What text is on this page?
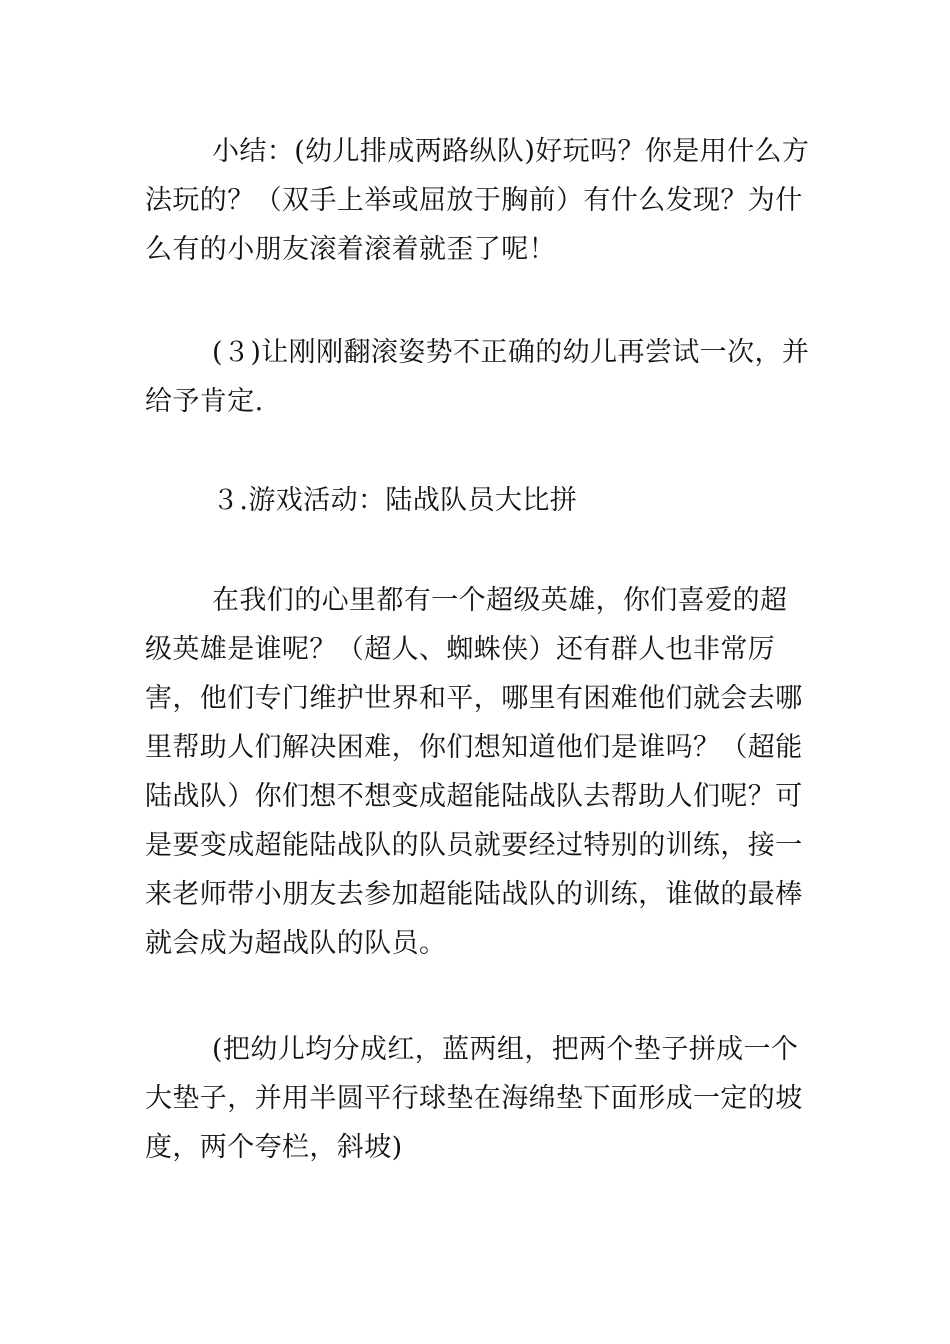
小结：(幼儿排成两路纵队)好玩吗？你是用什么方法玩的？（双手上举或屈放于胸前）有什么发现？为什么有的小朋友滚着滚着就歪了呢！

(３)让刚刚翻滚姿势不正确的幼儿再尝试一次，并给予肯定.

３.游戏活动：陆战队员大比拼

在我们的心里都有一个超级英雄，你们喜爱的超级英雄是谁呢？（超人、蜘蛛侠）还有群人也非常厉害，他们专门维护世界和平，哪里有困难他们就会去哪里帮助人们解决困难，你们想知道他们是谁吗？（超能陆战队）你们想不想变成超能陆战队去帮助人们呢？可是要变成超能陆战队的队员就要经过特别的训练，接一来老师带小朋友去参加超能陆战队的训练，谁做的最棒就会成为超战队的队员。

(把幼儿均分成红，蓝两组，把两个垫子拼成一个大垫子，并用半圆平行球垫在海绵垫下面形成一定的坡度，两个夸栏，斜坡)
